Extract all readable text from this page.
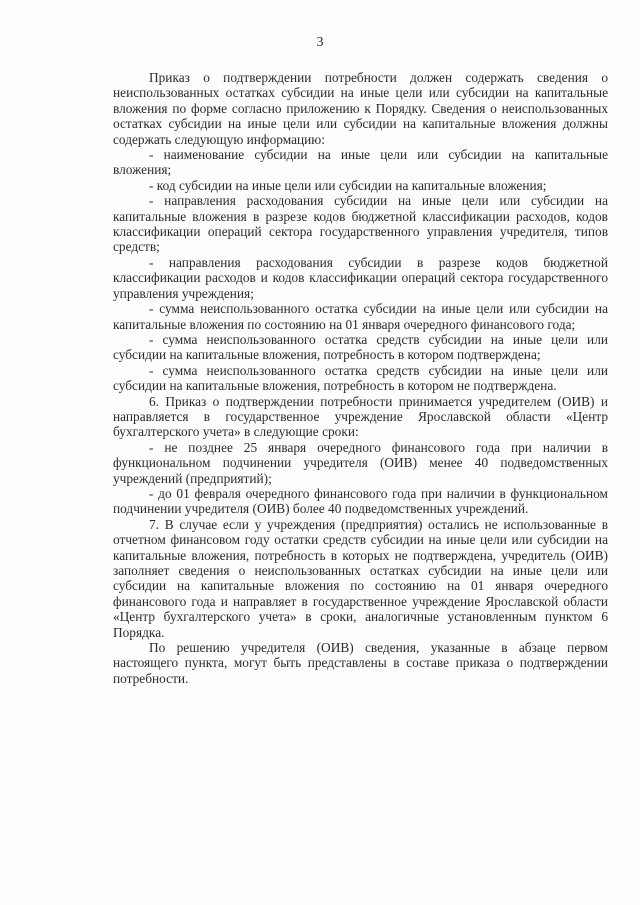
3

Приказ о подтверждении потребности должен содержать сведения о неиспользованных остатках субсидии на иные цели или субсидии на капитальные вложения по форме согласно приложению к Порядку. Сведения о неиспользованных остатках субсидии на иные цели или субсидии на капитальные вложения должны содержать следующую информацию:

- наименование субсидии на иные цели или субсидии на капитальные вложения;

- код субсидии на иные цели или субсидии на капитальные вложения;

- направления расходования субсидии на иные цели или субсидии на капитальные вложения в разрезе кодов бюджетной классификации расходов, кодов классификации операций сектора государственного управления учредителя, типов средств;

- направления расходования субсидии в разрезе кодов бюджетной классификации расходов и кодов классификации операций сектора государственного управления учреждения;

- сумма неиспользованного остатка субсидии на иные цели или субсидии на капитальные вложения по состоянию на 01 января очередного финансового года;

- сумма неиспользованного остатка средств субсидии на иные цели или субсидии на капитальные вложения, потребность в котором подтверждена;

- сумма неиспользованного остатка средств субсидии на иные цели или субсидии на капитальные вложения, потребность в котором не подтверждена.

6. Приказ о подтверждении потребности принимается учредителем (ОИВ) и направляется в государственное учреждение Ярославской области «Центр бухгалтерского учета» в следующие сроки:

- не позднее 25 января очередного финансового года при наличии в функциональном подчинении учредителя (ОИВ) менее 40 подведомственных учреждений (предприятий);

- до 01 февраля очередного финансового года при наличии в функциональном подчинении учредителя (ОИВ) более 40 подведомственных учреждений.

7. В случае если у учреждения (предприятия) остались не использованные в отчетном финансовом году остатки средств субсидии на иные цели или субсидии на капитальные вложения, потребность в которых не подтверждена, учредитель (ОИВ) заполняет сведения о неиспользованных остатках субсидии на иные цели или субсидии на капитальные вложения по состоянию на 01 января очередного финансового года и направляет в государственное учреждение Ярославской области «Центр бухгалтерского учета» в сроки, аналогичные установленным пунктом 6 Порядка.

По решению учредителя (ОИВ) сведения, указанные в абзаце первом настоящего пункта, могут быть представлены в составе приказа о подтверждении потребности.
